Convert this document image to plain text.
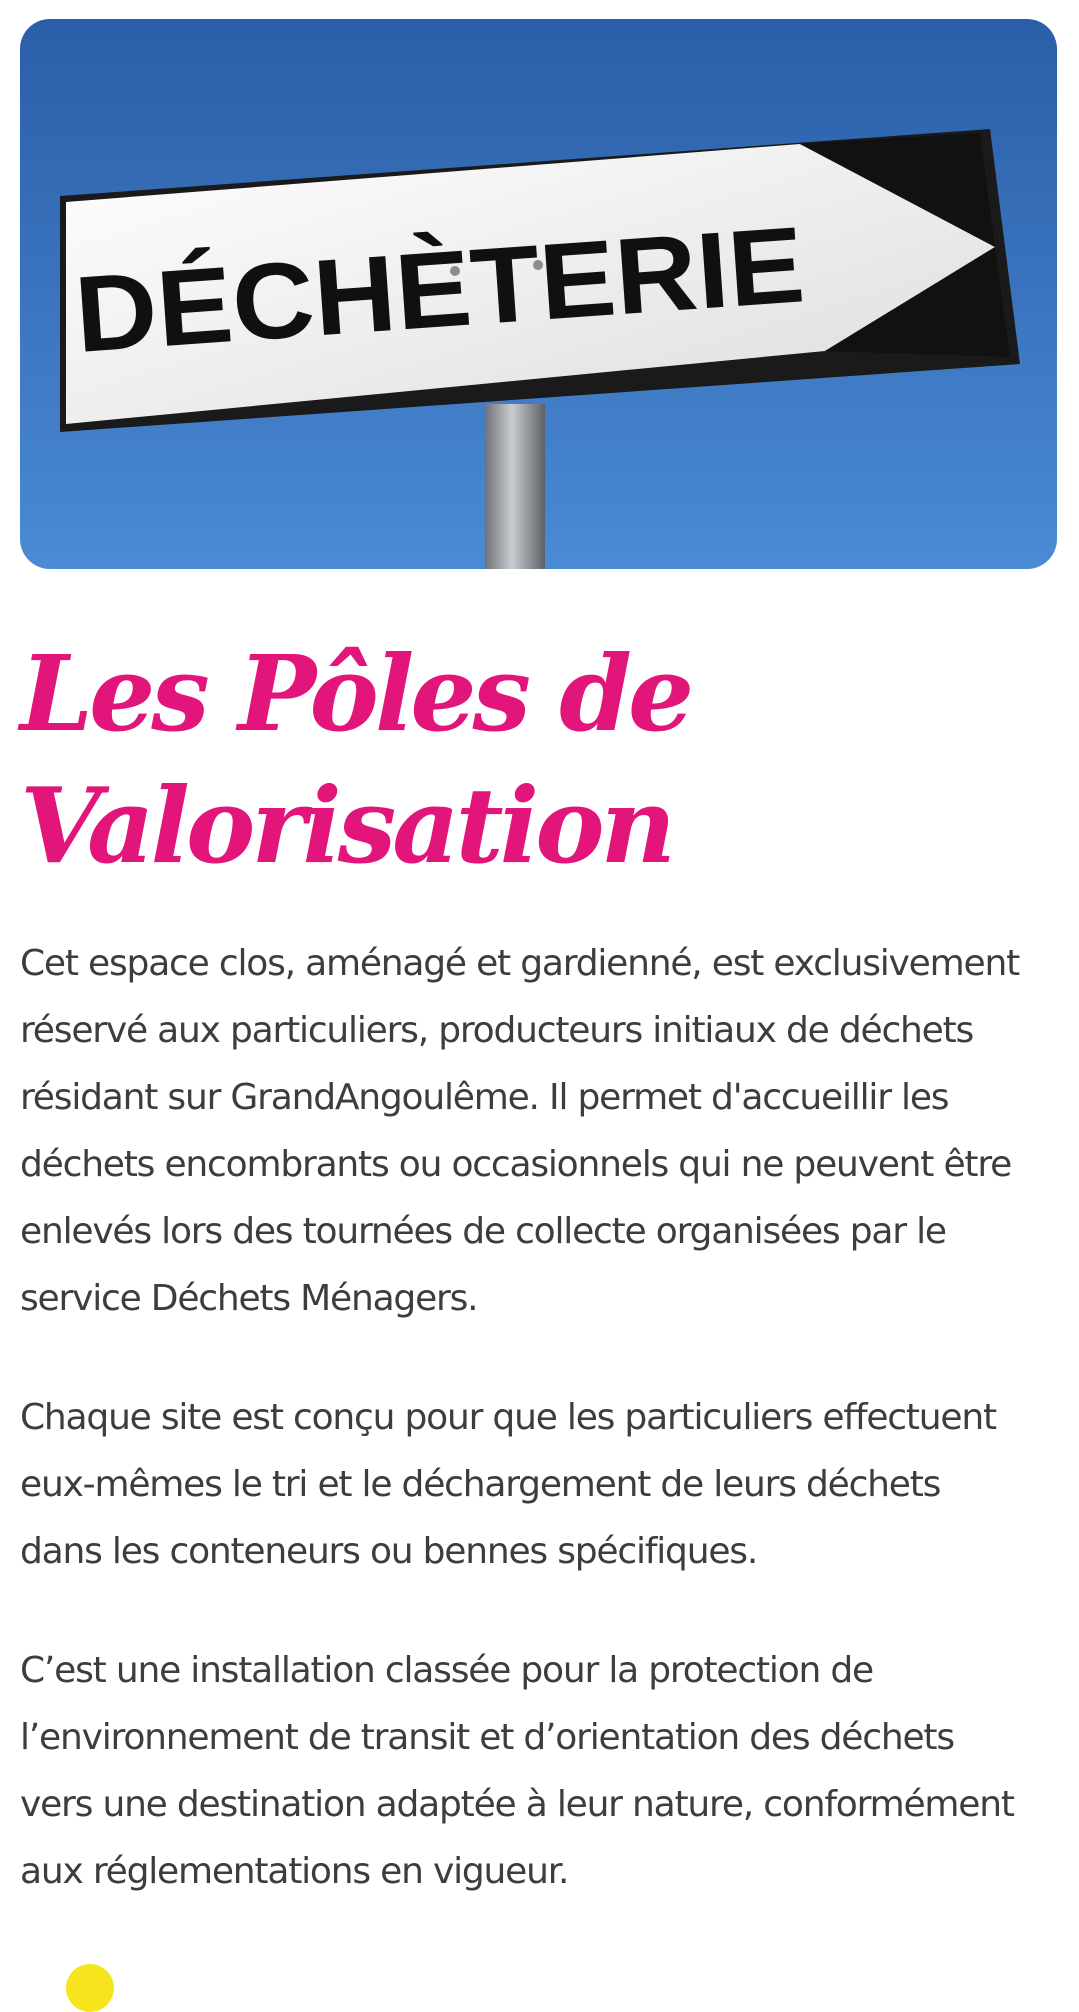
DÉCHÈTERIE
Les Pôles de
Valorisation

Cet espace clos, aménagé et gardienné, est exclusivement
réservé aux particuliers, producteurs initiaux de déchets
résidant sur GrandAngoulême. Il permet d'accueillir les
déchets encombrants ou occasionnels qui ne peuvent être
enlevés lors des tournées de collecte organisées par le
service Déchets Ménagers.

Chaque site est conçu pour que les particuliers effectuent
eux-mêmes le tri et le déchargement de leurs déchets
dans les conteneurs ou bennes spécifiques.

C’est une installation classée pour la protection de
l’environnement de transit et d’orientation des déchets
vers une destination adaptée à leur nature, conformément
aux réglementations en vigueur.
